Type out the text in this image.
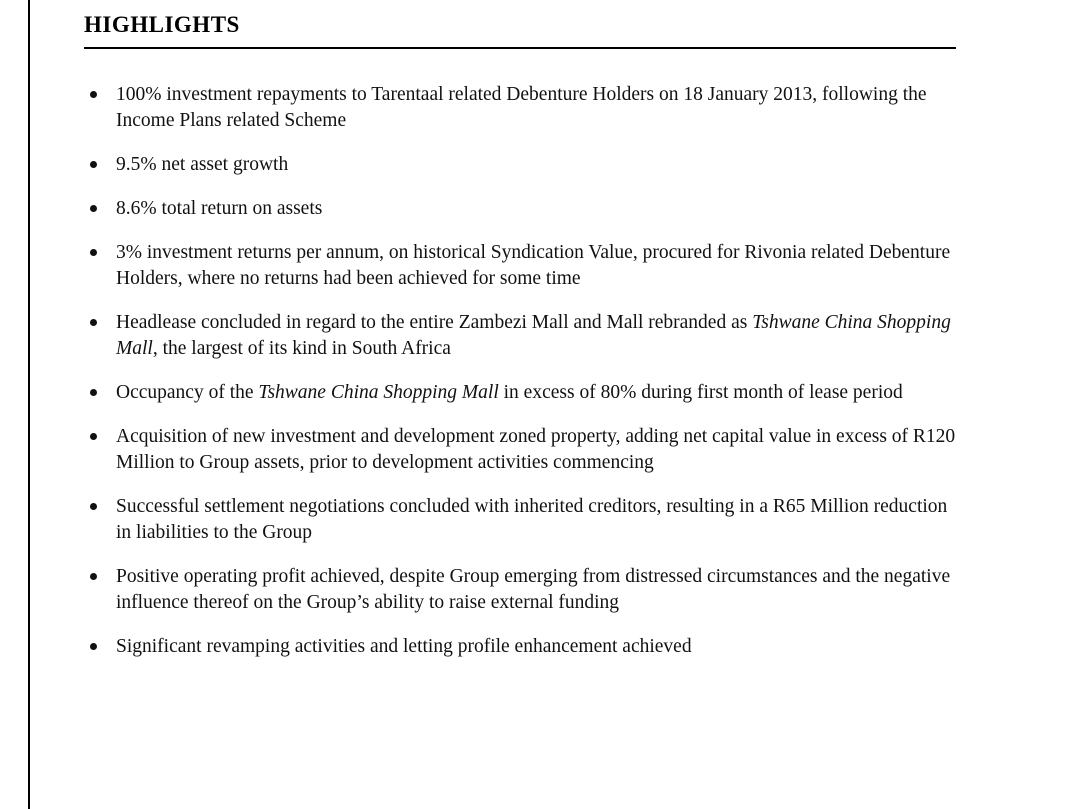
HIGHLIGHTS
100% investment repayments to Tarentaal related Debenture Holders on 18 January 2013, following the Income Plans related Scheme
9.5% net asset growth
8.6% total return on assets
3% investment returns per annum, on historical Syndication Value, procured for Rivonia related Debenture Holders, where no returns had been achieved for some time
Headlease concluded in regard to the entire Zambezi Mall and Mall rebranded as Tshwane China Shopping Mall, the largest of its kind in South Africa
Occupancy of the Tshwane China Shopping Mall in excess of 80% during first month of lease period
Acquisition of new investment and development zoned property, adding net capital value in excess of R120 Million to Group assets, prior to development activities commencing
Successful settlement negotiations concluded with inherited creditors, resulting in a R65 Million reduction in liabilities to the Group
Positive operating profit achieved, despite Group emerging from distressed circumstances and the negative influence thereof on the Group’s ability to raise external funding
Significant revamping activities and letting profile enhancement achieved
